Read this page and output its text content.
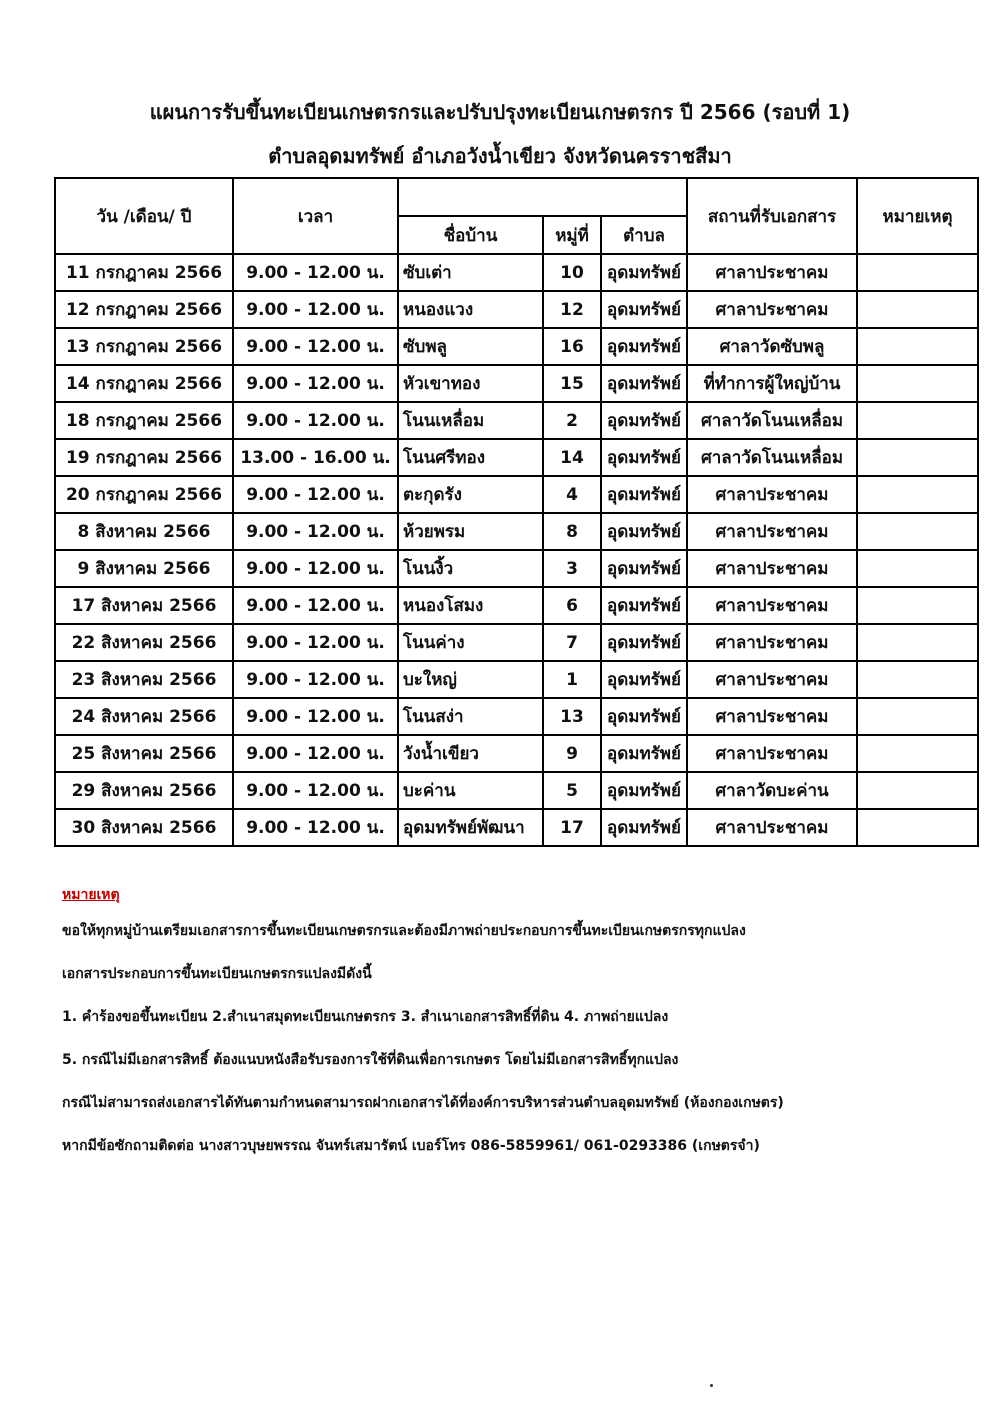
แผนการรับขึ้นทะเบียนเกษตรกรและปรับปรุงทะเบียนเกษตรกร ปี 2566 (รอบที่ 1)
ตำบลอุดมทรัพย์ อำเภอวังน้ำเขียว จังหวัดนครราชสีมา
วัน /เดือน/ ปี	เวลา				สถานที่รับเอกสาร	หมายเหตุ
		ชื่อบ้าน	หมู่ที่	ตำบล		
11 กรกฎาคม 2566	9.00 - 12.00 น.	ซับเต่า	10	อุดมทรัพย์	ศาลาประชาคม	
12 กรกฎาคม 2566	9.00 - 12.00 น.	หนองแวง	12	อุดมทรัพย์	ศาลาประชาคม	
13 กรกฎาคม 2566	9.00 - 12.00 น.	ซับพลู	16	อุดมทรัพย์	ศาลาวัดซับพลู	
14 กรกฎาคม 2566	9.00 - 12.00 น.	หัวเขาทอง	15	อุดมทรัพย์	ที่ทำการผู้ใหญ่บ้าน	
18 กรกฎาคม 2566	9.00 - 12.00 น.	โนนเหลื่อม	2	อุดมทรัพย์	ศาลาวัดโนนเหลื่อม	
19 กรกฎาคม 2566	13.00 - 16.00 น.	โนนศรีทอง	14	อุดมทรัพย์	ศาลาวัดโนนเหลื่อม	
20 กรกฎาคม 2566	9.00 - 12.00 น.	ตะกุดรัง	4	อุดมทรัพย์	ศาลาประชาคม	
8 สิงหาคม 2566	9.00 - 12.00 น.	ห้วยพรม	8	อุดมทรัพย์	ศาลาประชาคม	
9 สิงหาคม 2566	9.00 - 12.00 น.	โนนงิ้ว	3	อุดมทรัพย์	ศาลาประชาคม	
17 สิงหาคม 2566	9.00 - 12.00 น.	หนองโสมง	6	อุดมทรัพย์	ศาลาประชาคม	
22 สิงหาคม 2566	9.00 - 12.00 น.	โนนค่าง	7	อุดมทรัพย์	ศาลาประชาคม	
23 สิงหาคม 2566	9.00 - 12.00 น.	บะใหญ่	1	อุดมทรัพย์	ศาลาประชาคม	
24 สิงหาคม 2566	9.00 - 12.00 น.	โนนสง่า	13	อุดมทรัพย์	ศาลาประชาคม	
25 สิงหาคม 2566	9.00 - 12.00 น.	วังน้ำเขียว	9	อุดมทรัพย์	ศาลาประชาคม	
29 สิงหาคม 2566	9.00 - 12.00 น.	บะค่าน	5	อุดมทรัพย์	ศาลาวัดบะค่าน	
30 สิงหาคม 2566	9.00 - 12.00 น.	อุดมทรัพย์พัฒนา	17	อุดมทรัพย์	ศาลาประชาคม	
หมายเหตุ
ขอให้ทุกหมู่บ้านเตรียมเอกสารการขึ้นทะเบียนเกษตรกรและต้องมีภาพถ่ายประกอบการขึ้นทะเบียนเกษตรกรทุกแปลง
เอกสารประกอบการขึ้นทะเบียนเกษตรกรแปลงมีดังนี้
1. คำร้องขอขึ้นทะเบียน 2.สำเนาสมุดทะเบียนเกษตรกร 3. สำเนาเอกสารสิทธิ์ที่ดิน 4. ภาพถ่ายแปลง
5. กรณีไม่มีเอกสารสิทธิ์ ต้องแนบหนังสือรับรองการใช้ที่ดินเพื่อการเกษตร โดยไม่มีเอกสารสิทธิ์ทุกแปลง
กรณีไม่สามารถส่งเอกสารได้ทันตามกำหนดสามารถฝากเอกสารได้ที่องค์การบริหารส่วนตำบลอุดมทรัพย์ (ห้องกองเกษตร)
หากมีข้อซักถามติดต่อ นางสาวบุษยพรรณ จันทร์เสมารัตน์ เบอร์โทร 086-5859961/ 061-0293386 (เกษตรจำ)
